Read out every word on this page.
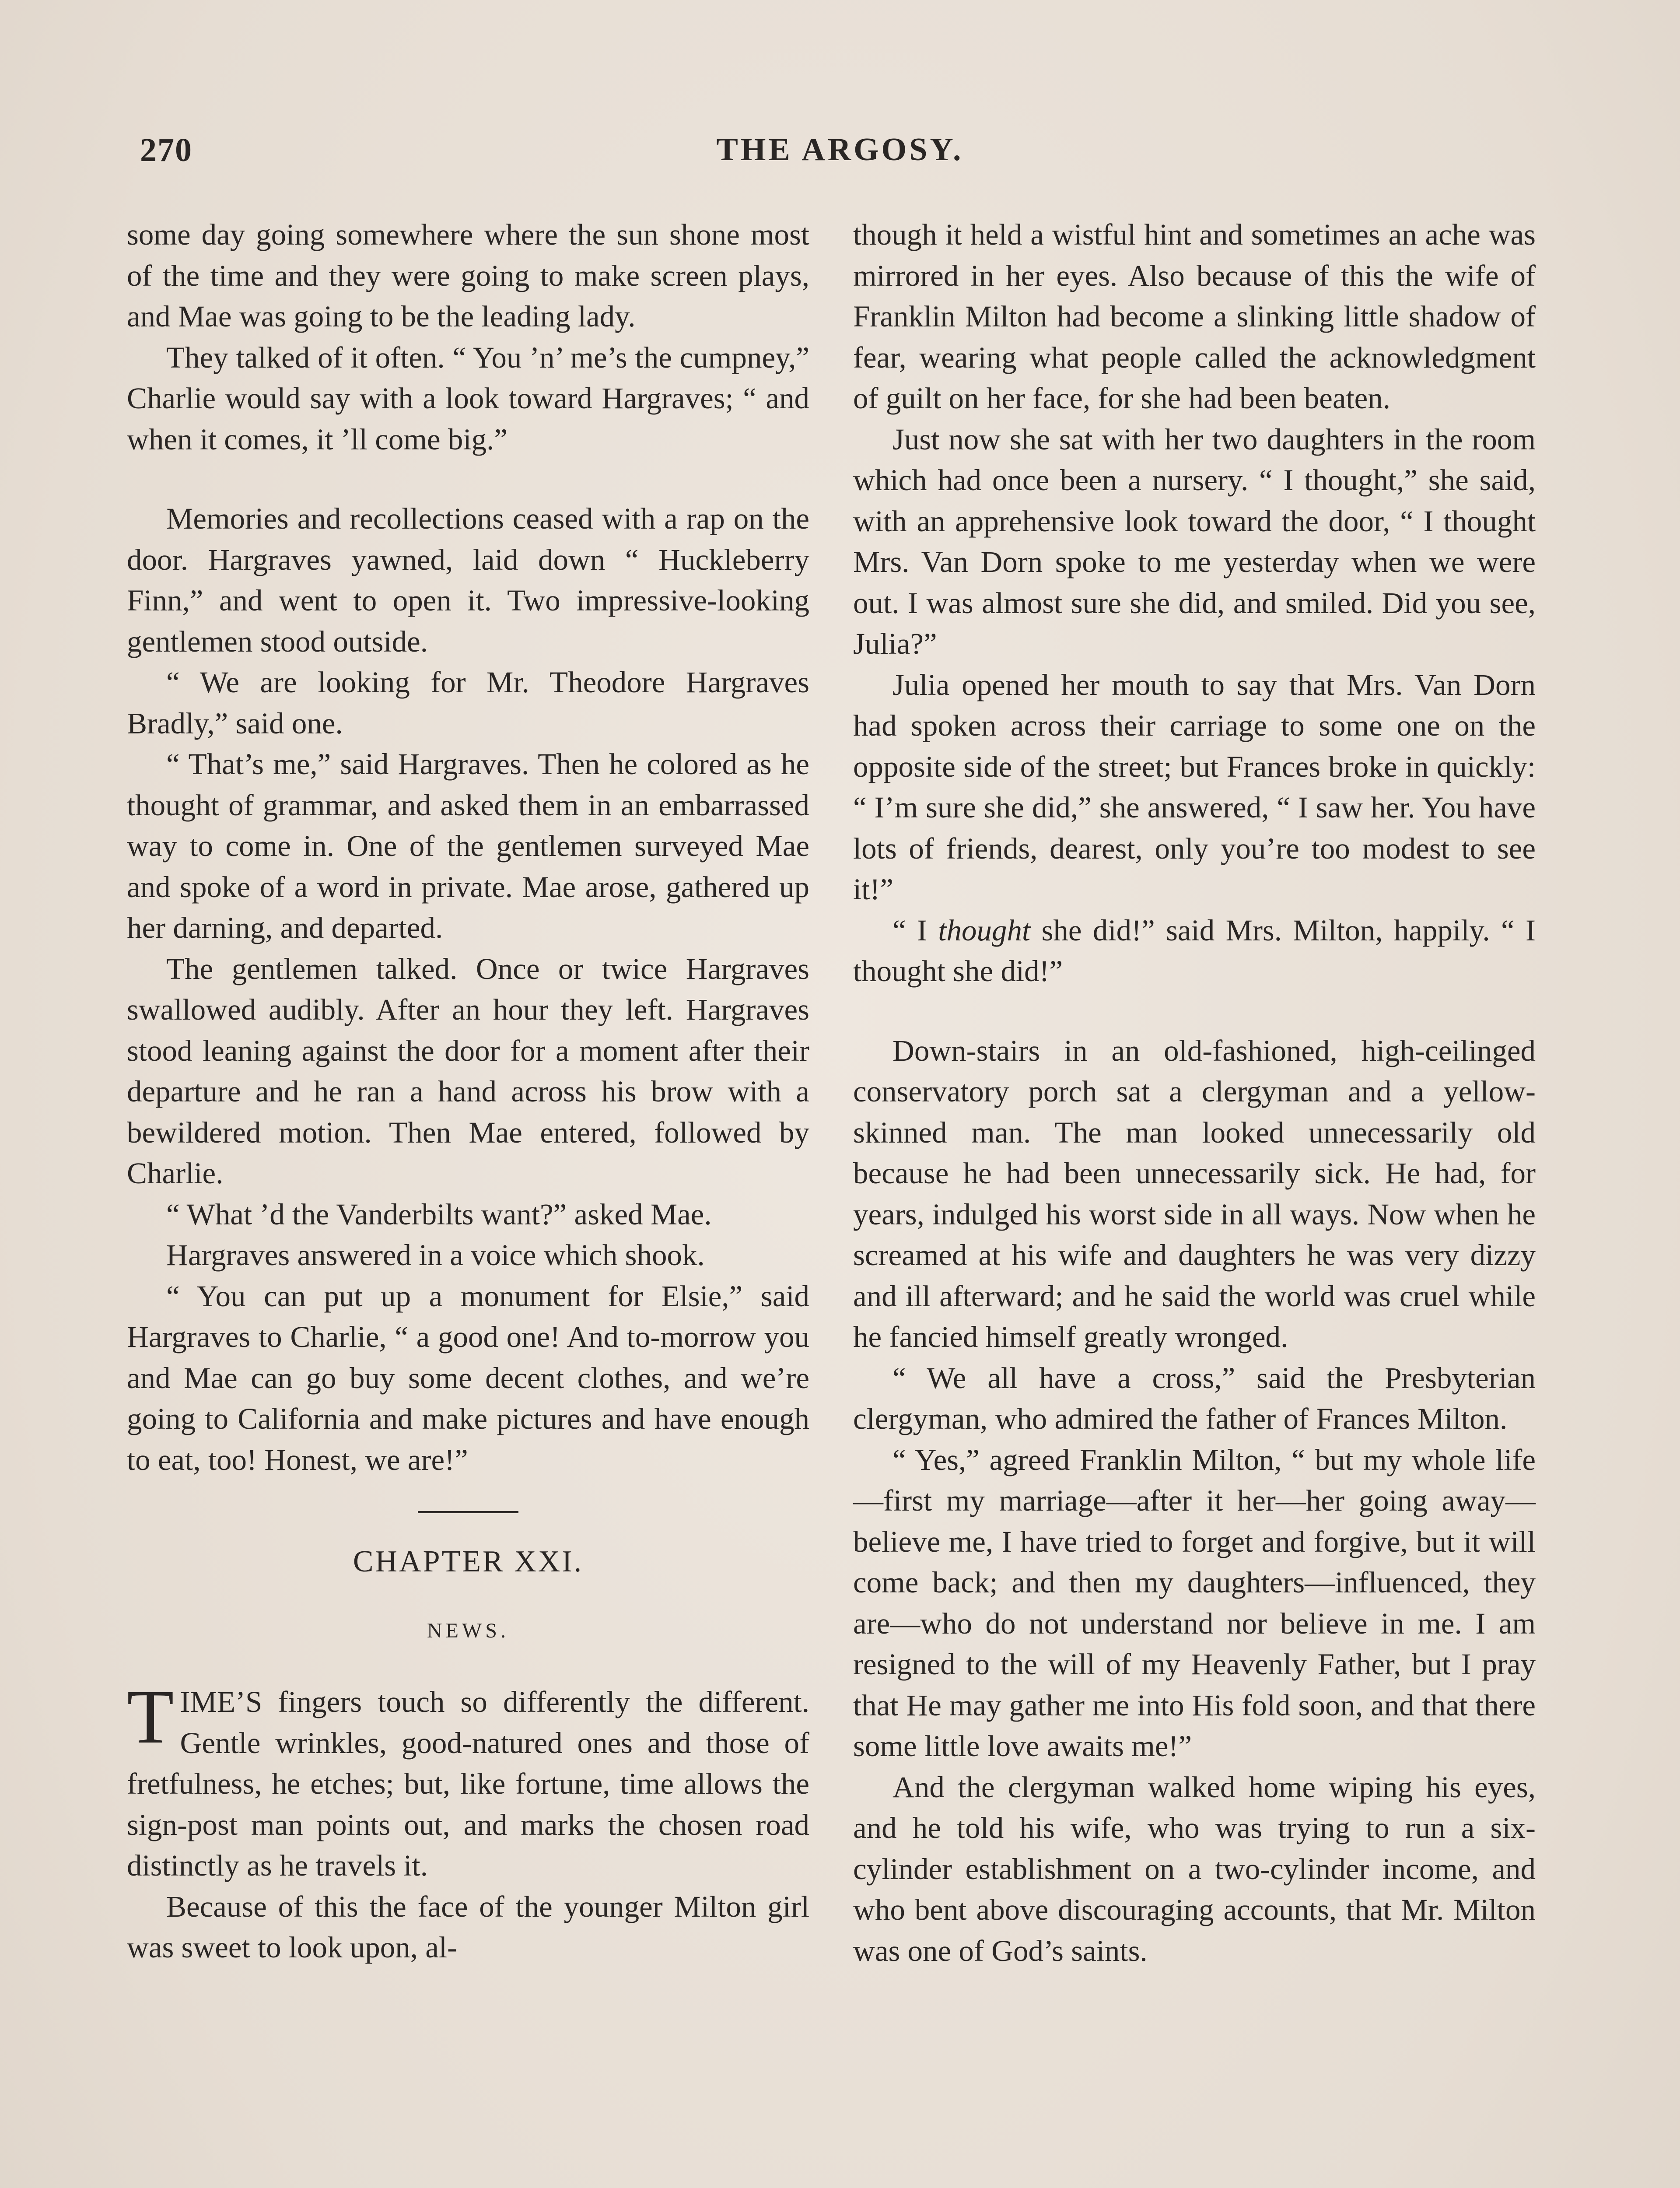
270	THE ARGOSY.

some day going somewhere where the sun shone most of the time and they were going to make screen plays, and Mae was going to be the leading lady.

They talked of it often. “ You ’n’ me’s the cumpney,” Charlie would say with a look toward Hargraves; “ and when it comes, it ’ll come big.”

Memories and recollections ceased with a rap on the door. Hargraves yawned, laid down “ Huckleberry Finn,” and went to open it. Two impressive-looking gentlemen stood outside.

“ We are looking for Mr. Theodore Hargraves Bradly,” said one.

“ That’s me,” said Hargraves. Then he colored as he thought of grammar, and asked them in an embarrassed way to come in. One of the gentlemen surveyed Mae and spoke of a word in private. Mae arose, gathered up her darning, and departed.

The gentlemen talked. Once or twice Hargraves swallowed audibly. After an hour they left. Hargraves stood leaning against the door for a moment after their departure and he ran a hand across his brow with a bewildered motion. Then Mae entered, followed by Charlie.

“ What ’d the Vanderbilts want?” asked Mae.

Hargraves answered in a voice which shook.

“ You can put up a monument for Elsie,” said Hargraves to Charlie, “ a good one! And to-morrow you and Mae can go buy some decent clothes, and we’re going to California and make pictures and have enough to eat, too! Honest, we are!”

CHAPTER XXI.
NEWS.

TIME’S fingers touch so differently the different. Gentle wrinkles, good-natured ones and those of fretfulness, he etches; but, like fortune, time allows the sign-post man points out, and marks the chosen road distinctly as he travels it.

Because of this the face of the younger Milton girl was sweet to look upon, al-

though it held a wistful hint and sometimes an ache was mirrored in her eyes. Also because of this the wife of Franklin Milton had become a slinking little shadow of fear, wearing what people called the acknowledgment of guilt on her face, for she had been beaten.

Just now she sat with her two daughters in the room which had once been a nursery. “ I thought,” she said, with an apprehensive look toward the door, “ I thought Mrs. Van Dorn spoke to me yesterday when we were out. I was almost sure she did, and smiled. Did you see, Julia?”

Julia opened her mouth to say that Mrs. Van Dorn had spoken across their carriage to some one on the opposite side of the street; but Frances broke in quickly: “ I’m sure she did,” she answered, “ I saw her. You have lots of friends, dearest, only you’re too modest to see it!”

“ I thought she did!” said Mrs. Milton, happily. “ I thought she did!”

Down-stairs in an old-fashioned, high-ceilinged conservatory porch sat a clergyman and a yellow-skinned man. The man looked unnecessarily old because he had been unnecessarily sick. He had, for years, indulged his worst side in all ways. Now when he screamed at his wife and daughters he was very dizzy and ill afterward; and he said the world was cruel while he fancied himself greatly wronged.

“ We all have a cross,” said the Presbyterian clergyman, who admired the father of Frances Milton.

“ Yes,” agreed Franklin Milton, “ but my whole life—first my marriage—after it her—her going away—believe me, I have tried to forget and forgive, but it will come back; and then my daughters—influenced, they are—who do not understand nor believe in me. I am resigned to the will of my Heavenly Father, but I pray that He may gather me into His fold soon, and that there some little love awaits me!”

And the clergyman walked home wiping his eyes, and he told his wife, who was trying to run a six-cylinder establishment on a two-cylinder income, and who bent above discouraging accounts, that Mr. Milton was one of God’s saints.
